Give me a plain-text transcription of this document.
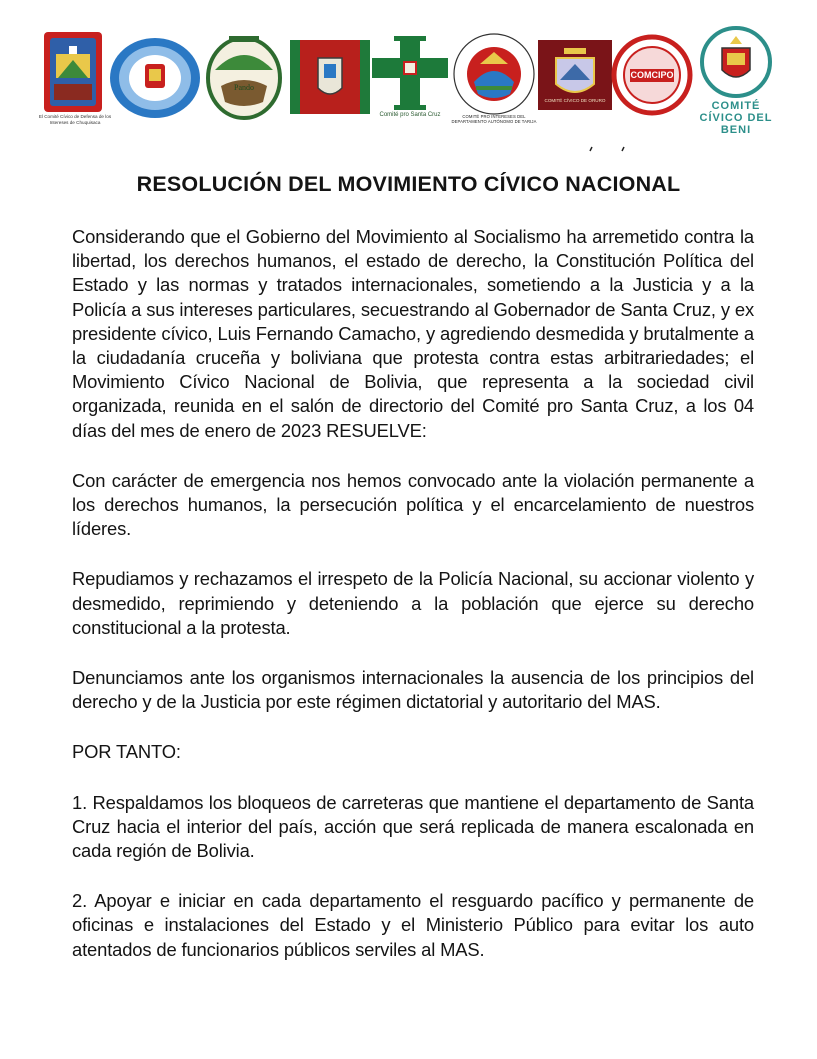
El Comité Cívico de Defensa de los Intereses de Chuquisaca
Pando
Comité pro Santa Cruz	COMITÉ PRO INTERESES DEL DEPARTAMENTO AUTÓNOMO DE TARIJA
COMITÉ CÍVICO DE ORURO
COMCIPO
COMITÉ CÍVICO DEL BENI
RESOLUCIÓN DEL MOVIMIENTO CÍVICO NACIONAL

Considerando que el Gobierno del Movimiento al Socialismo ha arremetido contra la libertad, los derechos humanos, el estado de derecho, la Constitución Política del Estado y las normas y tratados internacionales, sometiendo a la Justicia y a la Policía a sus intereses particulares, secuestrando al Gobernador de Santa Cruz, y ex presidente cívico, Luis Fernando Camacho, y agrediendo desmedida y brutalmente a la ciudadanía cruceña y boliviana que protesta contra estas arbitrariedades; el Movimiento Cívico Nacional de Bolivia, que representa a la sociedad civil organizada, reunida en el salón de directorio del Comité pro Santa Cruz, a los 04 días del mes de enero de 2023 RESUELVE:

Con carácter de emergencia nos hemos convocado ante la violación permanente a los derechos humanos, la persecución política y el encarcelamiento de nuestros líderes.

Repudiamos y rechazamos el irrespeto de la Policía Nacional, su accionar violento y desmedido, reprimiendo y deteniendo a la población que ejerce su derecho constitucional a la protesta.

Denunciamos ante los organismos internacionales la ausencia de los principios del derecho y de la Justicia por este régimen dictatorial y autoritario del MAS.

POR TANTO:

1. Respaldamos los bloqueos de carreteras que mantiene el departamento de Santa Cruz hacia el interior del país, acción que será replicada de manera escalonada en cada región de Bolivia.

2. Apoyar e iniciar en cada departamento el resguardo pacífico y permanente de oficinas e instalaciones del Estado y el Ministerio Público para evitar los auto atentados de funcionarios públicos serviles al MAS.
